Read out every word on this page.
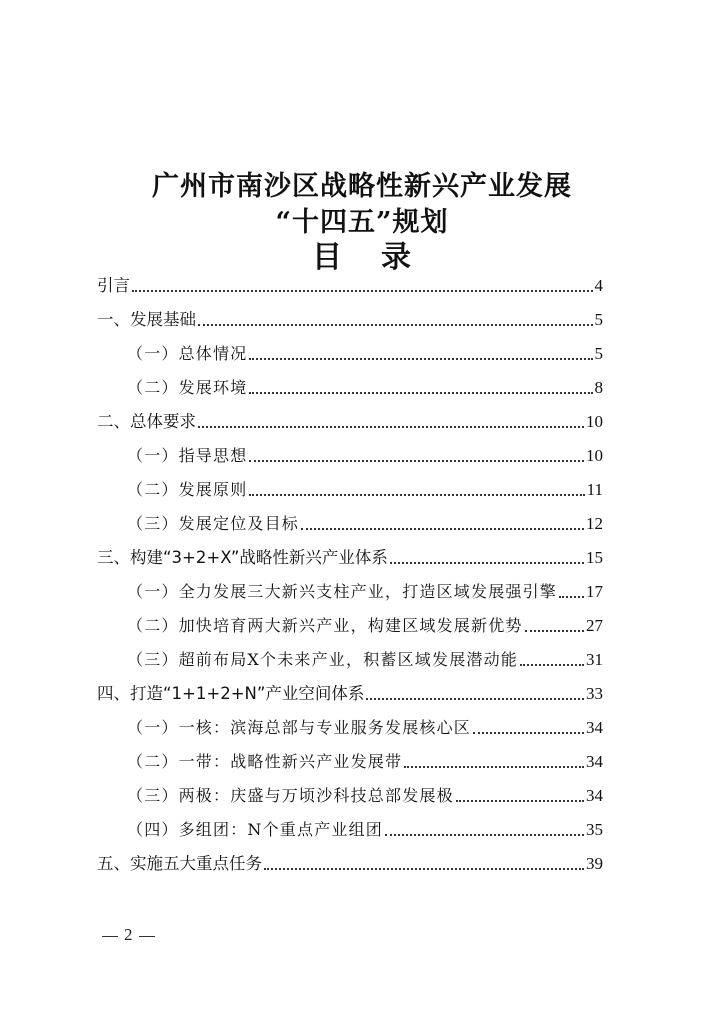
广州市南沙区战略性新兴产业发展
“十四五”规划
目 录
引言	4
一、发展基础	5
（一）总体情况	5
（二）发展环境	8
二、总体要求	10
（一）指导思想	10
（二）发展原则	11
（三）发展定位及目标	12
三、构建“3+2+X”战略性新兴产业体系	15
（一）全力发展三大新兴支柱产业，打造区域发展强引擎 17
（二）加快培育两大新兴产业，构建区域发展新优势	27
（三）超前布局X个未来产业，积蓄区域发展潜动能	31
四、打造“1+1+2+N”产业空间体系	33
（一）一核：滨海总部与专业服务发展核心区	34
（二）一带：战略性新兴产业发展带	34
（三）两极：庆盛与万顷沙科技总部发展极	34
（四）多组团：N个重点产业组团	35
五、实施五大重点任务	39
2
